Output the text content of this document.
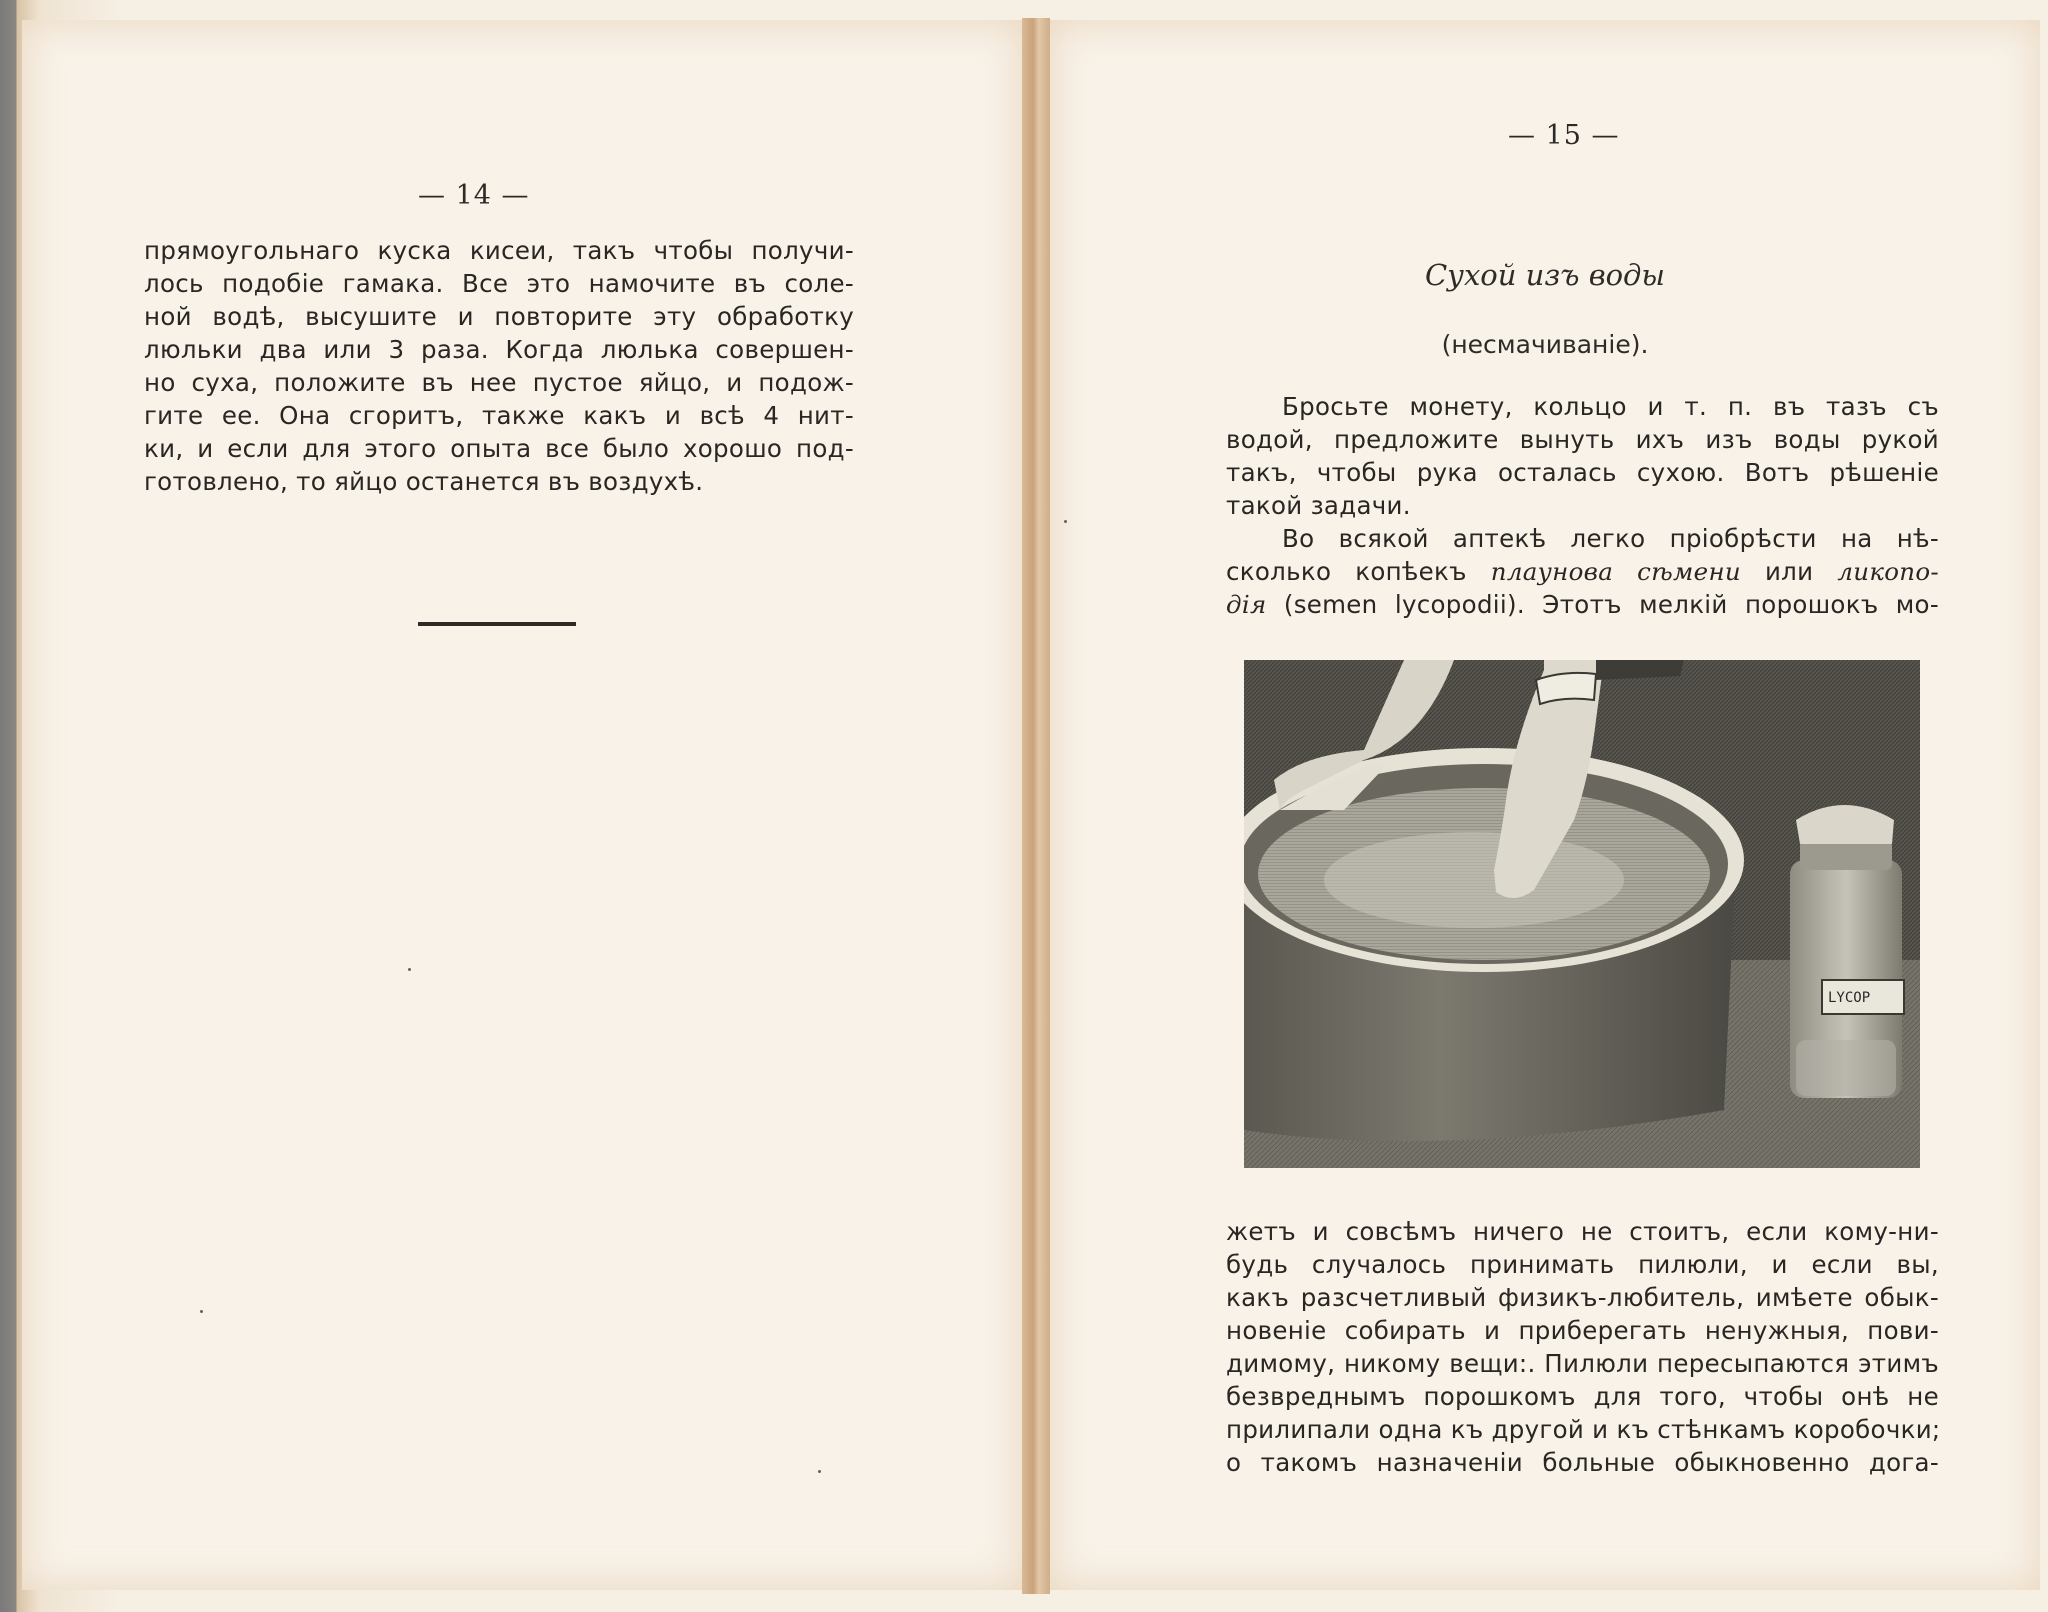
— 14 —
прямоугольнаго куска кисеи, такъ чтобы получи-
лось подобіе гамака. Все это намочите въ соле-
ной водѣ, высушите и повторите эту обработку
люльки два или 3 раза. Когда люлька совершен-
но суха, положите въ нее пустое яйцо, и подож-
гите ее. Она сгоритъ, также какъ и всѣ 4 нит-
ки, и если для этого опыта все было хорошо под-
готовлено, то яйцо останется въ воздухѣ.
— 15 —
Сухой изъ воды
(несмачиваніе).
Бросьте монету, кольцо и т. п. въ тазъ съ
водой, предложите вынуть ихъ изъ воды рукой
такъ, чтобы рука осталась сухою. Вотъ рѣшеніе
такой задачи.
Во всякой аптекѣ легко пріобрѣсти на нѣ-
сколько копѣекъ плаунова сѣмени или ликопо-
дія (semen lycopodii). Этотъ мелкій порошокъ мо-
LYCOP
жетъ и совсѣмъ ничего не стоитъ, если кому-ни-
будь случалось принимать пилюли, и если вы,
какъ разсчетливый физикъ-любитель, имѣете обык-
новеніе собирать и приберегать ненужныя, пови-
димому, никому вещи:. Пилюли пересыпаются этимъ
безвреднымъ порошкомъ для того, чтобы онѣ не
прилипали одна къ другой и къ стѣнкамъ коробочки;
о такомъ назначеніи больные обыкновенно дога-
